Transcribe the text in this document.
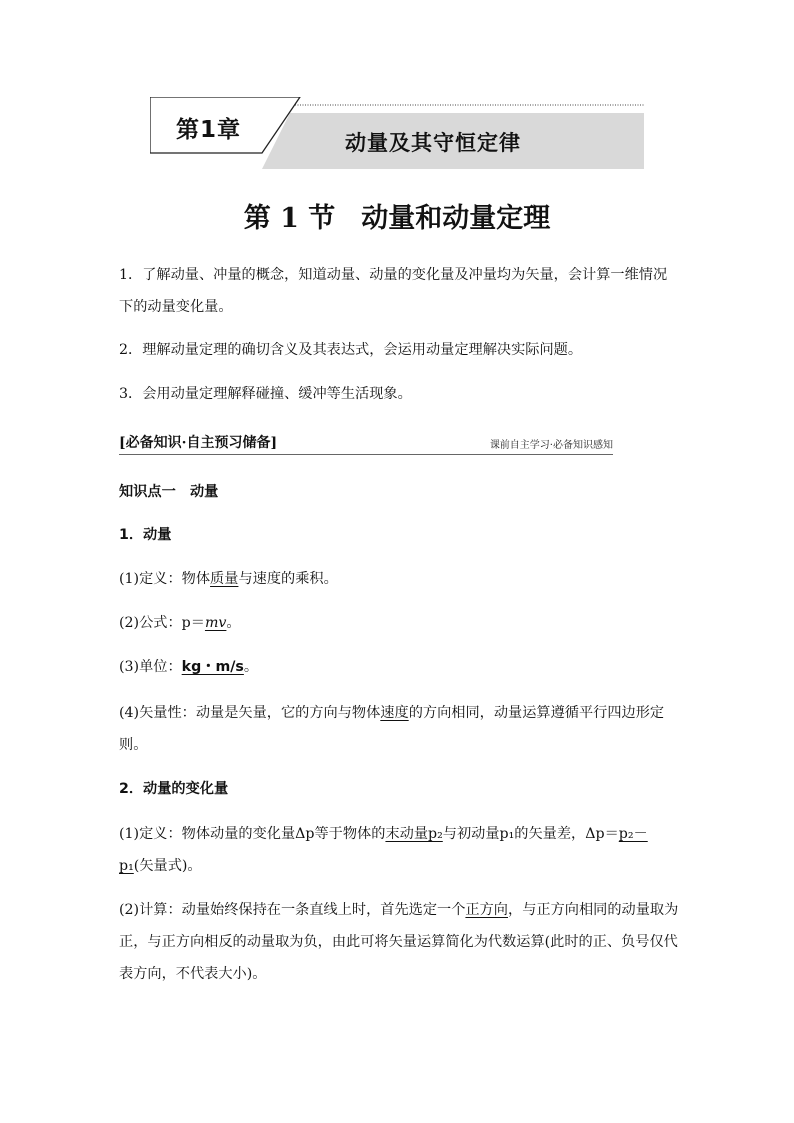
第1章	动量及其守恒定律
第 1 节 动量和动量定理

1．了解动量、冲量的概念，知道动量、动量的变化量及冲量均为矢量，会计算一维情况下的动量变化量。

2．理解动量定理的确切含义及其表达式，会运用动量定理解决实际问题。

3．会用动量定理解释碰撞、缓冲等生活现象。

[必备知识·自主预习储备]	课前自主学习·必备知识感知

知识点一　动量

1．动量

(1)定义：物体质量与速度的乘积。

(2)公式：p＝mv。

(3)单位：kg・m/s。

(4)矢量性：动量是矢量，它的方向与物体速度的方向相同，动量运算遵循平行四边形定则。

2．动量的变化量

(1)定义：物体动量的变化量Δp等于物体的末动量p₂与初动量p₁的矢量差，Δp＝p₂－p₁(矢量式)。

(2)计算：动量始终保持在一条直线上时，首先选定一个正方向，与正方向相同的动量取为正，与正方向相反的动量取为负，由此可将矢量运算简化为代数运算(此时的正、负号仅代表方向，不代表大小)。
